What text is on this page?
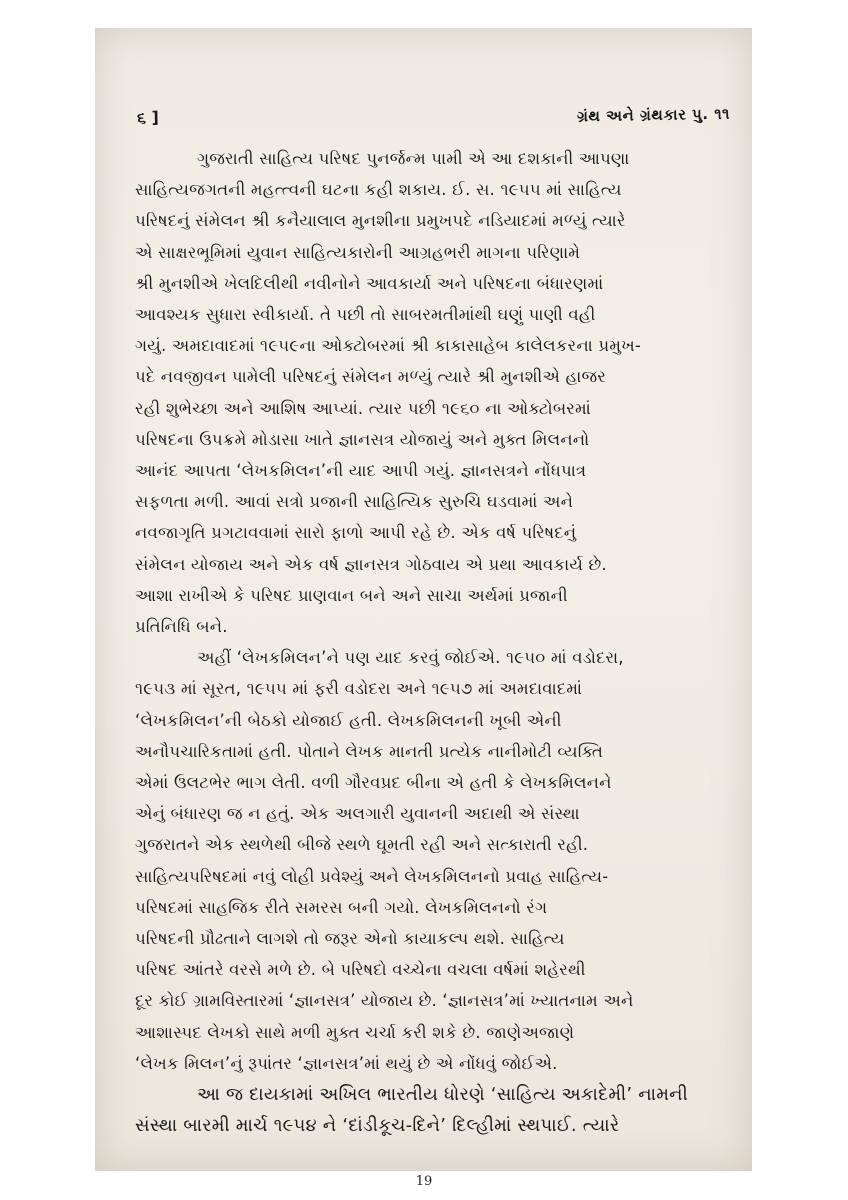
૬ ]	ગ્રંથ અને ગ્રંથકાર પુ. ૧૧

ગુજરાતી સાહિત્ય પરિષદ પુનર્જન્મ પામી એ આ દશકાની આપણા
સાહિત્યજગતની મહત્ત્વની ઘટના કહી શકાય. ઈ. સ. ૧૯૫૫ માં સાહિત્ય
પરિષદનું સંમેલન શ્રી કનૈયાલાલ મુનશીના પ્રમુખપદે નડિયાદમાં મળ્યું ત્યારે
એ સાક્ષરભૂમિમાં યુવાન સાહિત્યકારોની આગ્રહભરી માગના પરિણામે
શ્રી મુનશીએ ખેલદિલીથી નવીનોને આવકાર્યા અને પરિષદના બંધારણમાં
આવશ્યક સુધારા સ્વીકાર્યા. તે પછી તો સાબરમતીમાંથી ઘણું પાણી વહી
ગયું. અમદાવાદમાં ૧૯૫૯ના ઓક્ટોબરમાં શ્રી કાકાસાહેબ કાલેલકરના પ્રમુખ-
પદે નવજીવન પામેલી પરિષદનું સંમેલન મળ્યું ત્યારે શ્રી મુનશીએ હાજર
રહી શુભેચ્છા અને આશિષ આપ્યાં. ત્યાર પછી ૧૯૬૦ ના ઓક્ટોબરમાં
પરિષદના ઉપક્રમે મોડાસા ખાતે જ્ઞાનસત્ર યોજાયું અને મુક્ત મિલનનો
આનંદ આપતા ‘લેખકમિલન’ની યાદ આપી ગયું. જ્ઞાનસત્રને નોંધપાત્ર
સફળતા મળી. આવાં સત્રો પ્રજાની સાહિત્યિક સુરુચિ ઘડવામાં અને
નવજાગૃતિ પ્રગટાવવામાં સારો ફાળો આપી રહે છે. એક વર્ષ પરિષદનું
સંમેલન યોજાય અને એક વર્ષ જ્ઞાનસત્ર ગોઠવાય એ પ્રથા આવકાર્ય છે.
આશા રાખીએ કે પરિષદ પ્રાણવાન બને અને સાચા અર્થમાં પ્રજાની
પ્રતિનિધિ બને.

અહીં ‘લેખકમિલન’ને પણ યાદ કરવું જોઈએ. ૧૯૫૦ માં વડોદરા,
૧૯૫૩ માં સૂરત, ૧૯૫૫ માં ફરી વડોદરા અને ૧૯૫૭ માં અમદાવાદમાં
‘લેખકમિલન’ની બેઠકો યોજાઈ હતી. લેખકમિલનની ખૂબી એની
અનૌપચારિકતામાં હતી. પોતાને લેખક માનતી પ્રત્યેક નાનીમોટી વ્યક્તિ
એમાં ઉલટભેર ભાગ લેતી. વળી ગૌરવપ્રદ બીના એ હતી કે લેખકમિલનને
એનું બંધારણ જ ન હતું. એક અલગારી યુવાનની અદાથી એ સંસ્થા
ગુજરાતને એક સ્થળેથી બીજે સ્થળે ઘૂમતી રહી અને સત્કારાતી રહી.
સાહિત્યપરિષદમાં નવું લોહી પ્રવેશ્યું અને લેખકમિલનનો પ્રવાહ સાહિત્ય-
પરિષદમાં સાહજિક રીતે સમરસ બની ગયો. લેખકમિલનનો રંગ
પરિષદની પ્રૌઢતાને લાગશે તો જરૂર એનો કાયાકલ્પ થશે. સાહિત્ય
પરિષદ આંતરે વરસે મળે છે. બે પરિષદો વચ્ચેના વચલા વર્ષમાં શહેરથી
દૂર કોઈ ગ્રામવિસ્તારમાં ‘જ્ઞાનસત્ર’ યોજાય છે. ‘જ્ઞાનસત્ર’માં ખ્યાતનામ અને
આશાસ્પદ લેખકો સાથે મળી મુક્ત ચર્ચા કરી શકે છે. જાણેઅજાણે
‘લેખક મિલન’નું રૂપાંતર ‘જ્ઞાનસત્ર’માં થયું છે એ નોંધવું જોઈએ.

આ જ દાયકામાં અખિલ ભારતીય ધોરણે ‘સાહિત્ય અકાદેમી’ નામની
સંસ્થા બારમી માર્ચ ૧૯૫૪ ને ‘દાંડીકૂચ-દિને’ દિલ્હીમાં સ્થપાઈ. ત્યારે

19
